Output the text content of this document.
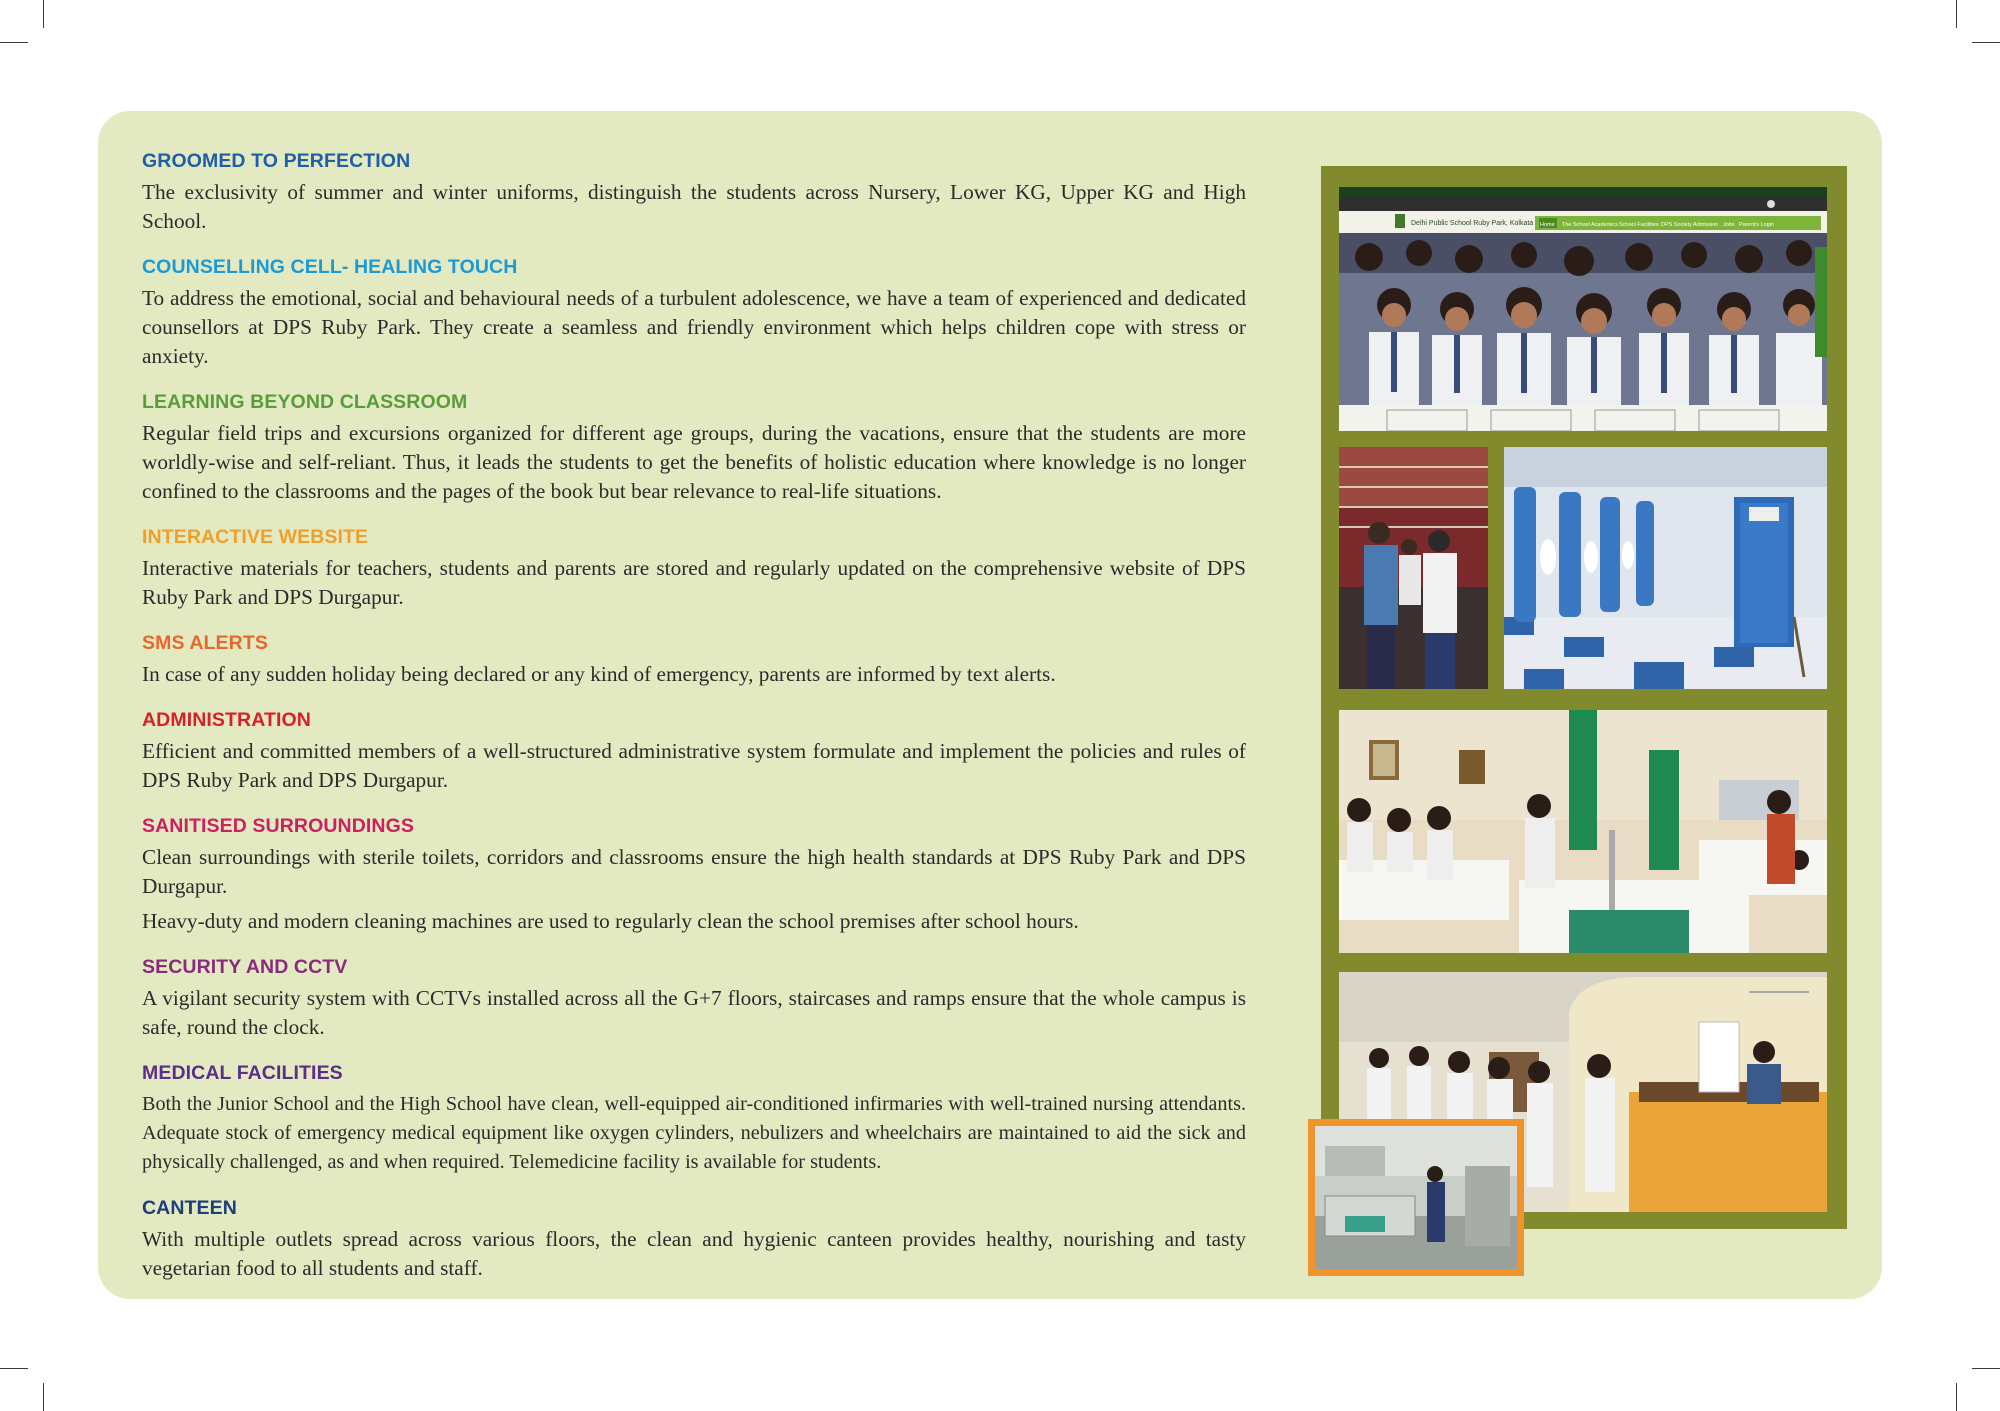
GROOMED TO PERFECTION

The exclusivity of summer and winter uniforms, distinguish the students across Nursery, Lower KG, Upper KG and High School.

COUNSELLING CELL- HEALING TOUCH

To address the emotional, social and behavioural needs of a turbulent adolescence, we have a team of experienced and dedicated counsellors at DPS Ruby Park. They create a seamless and friendly environment which helps children cope with stress or anxiety.

LEARNING BEYOND CLASSROOM

Regular field trips and excursions organized for different age groups, during the vacations, ensure that the students are more worldly-wise and self-reliant. Thus, it leads the students to get the benefits of holistic education where knowledge is no longer confined to the classrooms and the pages of the book but bear relevance to real-life situations.

INTERACTIVE WEBSITE

Interactive materials for teachers, students and parents are stored and regularly updated on the comprehensive website of DPS Ruby Park and DPS Durgapur.

SMS ALERTS

In case of any sudden holiday being declared or any kind of emergency, parents are informed by text alerts.

ADMINISTRATION

Efficient and committed members of a well-structured administrative system formulate and implement the policies and rules of DPS Ruby Park and DPS Durgapur.

SANITISED SURROUNDINGS

Clean surroundings with sterile toilets, corridors and classrooms ensure the high health standards at DPS Ruby Park and DPS Durgapur.

Heavy-duty and modern cleaning machines are used to regularly clean the school premises after school hours.

SECURITY AND CCTV

A vigilant security system with CCTVs installed across all the G+7 floors, staircases and ramps ensure that the whole campus is safe, round the clock.

MEDICAL FACILITIES

Both the Junior School and the High School have clean, well-equipped air-conditioned infirmaries with well-trained nursing attendants. Adequate stock of emergency medical equipment like oxygen cylinders, nebulizers and wheelchairs are maintained to aid the sick and physically challenged, as and when required. Telemedicine facility is available for students.

CANTEEN

With multiple outlets spread across various floors, the clean and hygienic canteen provides healthy, nourishing and tasty vegetarian food to all students and staff.

Delhi Public School Ruby Park, Kolkata Home The School Academics School Facilities DPS Society Admission Jobs Parent's Login
